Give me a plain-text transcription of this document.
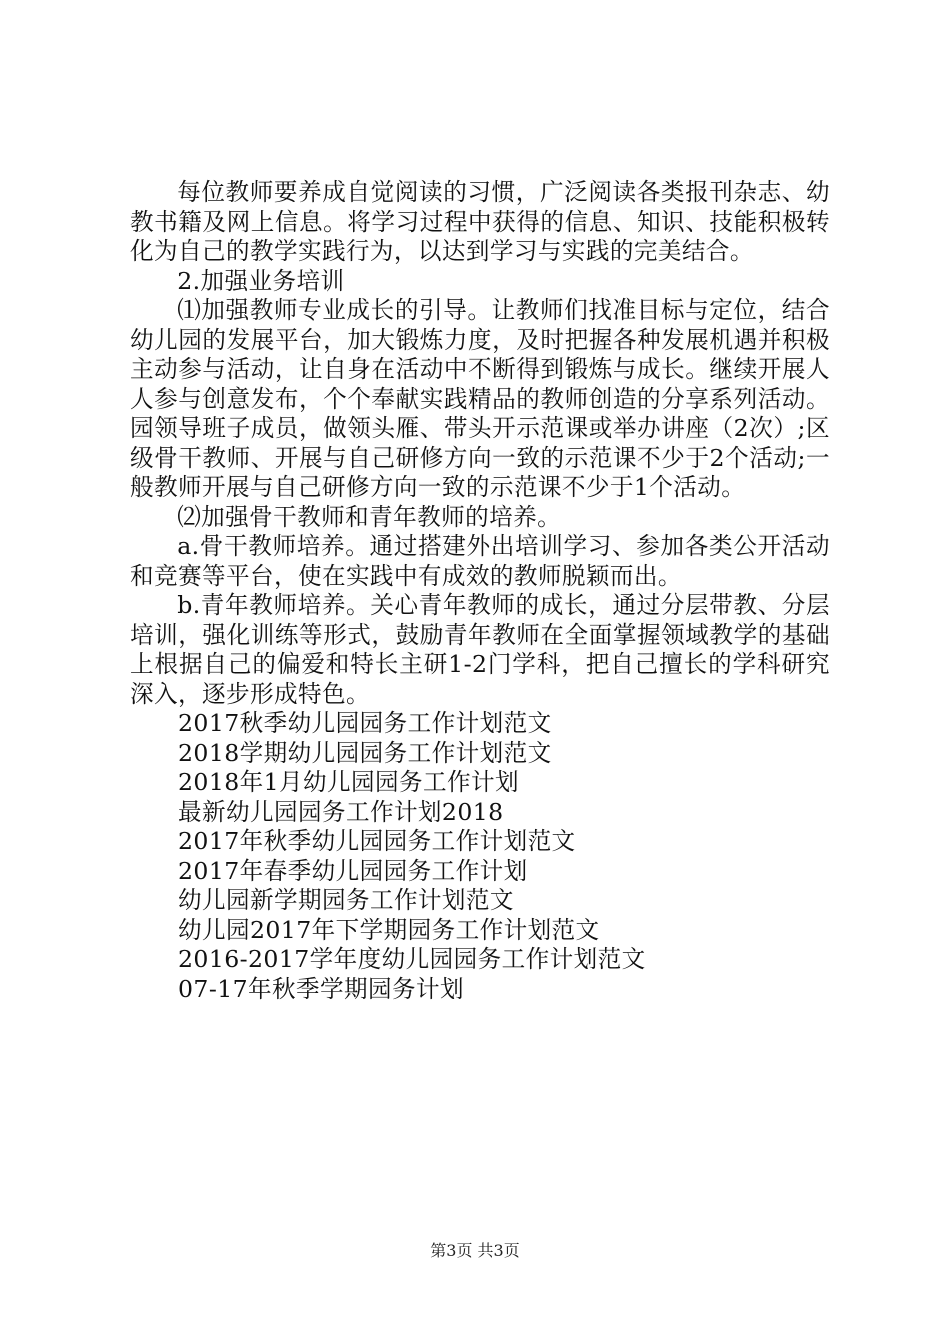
每位教师要养成自觉阅读的习惯，广泛阅读各类报刊杂志、幼教书籍及网上信息。将学习过程中获得的信息、知识、技能积极转化为自己的教学实践行为，以达到学习与实践的完美结合。

2.加强业务培训

⑴加强教师专业成长的引导。让教师们找准目标与定位，结合幼儿园的发展平台，加大锻炼力度，及时把握各种发展机遇并积极主动参与活动，让自身在活动中不断得到锻炼与成长。继续开展人人参与创意发布，个个奉献实践精品的教师创造的分享系列活动。园领导班子成员，做领头雁、带头开示范课或举办讲座（2次）;区级骨干教师、开展与自己研修方向一致的示范课不少于2个活动;一般教师开展与自己研修方向一致的示范课不少于1个活动。

⑵加强骨干教师和青年教师的培养。

a.骨干教师培养。通过搭建外出培训学习、参加各类公开活动和竞赛等平台，使在实践中有成效的教师脱颖而出。

b.青年教师培养。关心青年教师的成长，通过分层带教、分层培训，强化训练等形式，鼓励青年教师在全面掌握领域教学的基础上根据自己的偏爱和特长主研1-2门学科，把自己擅长的学科研究深入，逐步形成特色。

2017秋季幼儿园园务工作计划范文
2018学期幼儿园园务工作计划范文
2018年1月幼儿园园务工作计划
最新幼儿园园务工作计划2018
2017年秋季幼儿园园务工作计划范文
2017年春季幼儿园园务工作计划
幼儿园新学期园务工作计划范文
幼儿园2017年下学期园务工作计划范文
2016-2017学年度幼儿园园务工作计划范文
07-17年秋季学期园务计划
第3页 共3页
